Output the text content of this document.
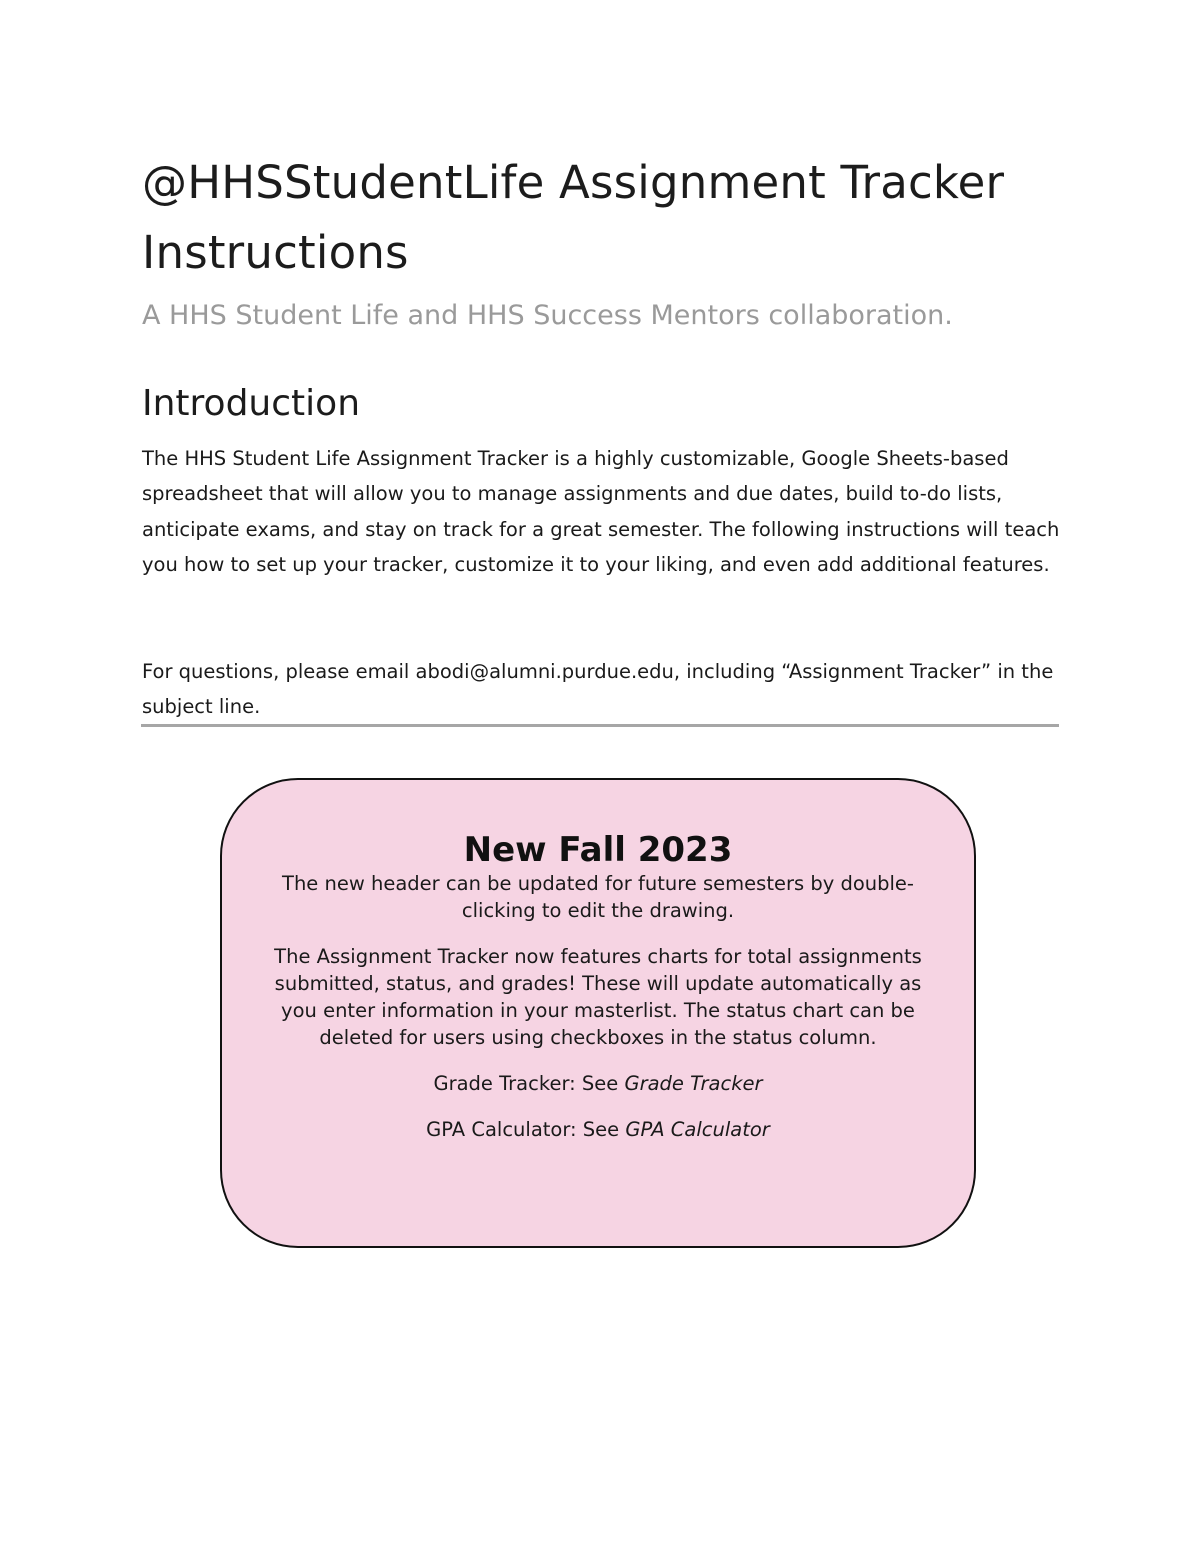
@HHSStudentLife Assignment Tracker Instructions
A HHS Student Life and HHS Success Mentors collaboration.
Introduction

The HHS Student Life Assignment Tracker is a highly customizable, Google Sheets-based spreadsheet that will allow you to manage assignments and due dates, build to-do lists, anticipate exams, and stay on track for a great semester. The following instructions will teach you how to set up your tracker, customize it to your liking, and even add additional features.

For questions, please email abodi@alumni.purdue.edu, including “Assignment Tracker” in the subject line.

New Fall 2023

The new header can be updated for future semesters by double-clicking to edit the drawing.

The Assignment Tracker now features charts for total assignments submitted, status, and grades! These will update automatically as you enter information in your masterlist. The status chart can be deleted for users using checkboxes in the status column.

Grade Tracker: See Grade Tracker

GPA Calculator: See GPA Calculator
